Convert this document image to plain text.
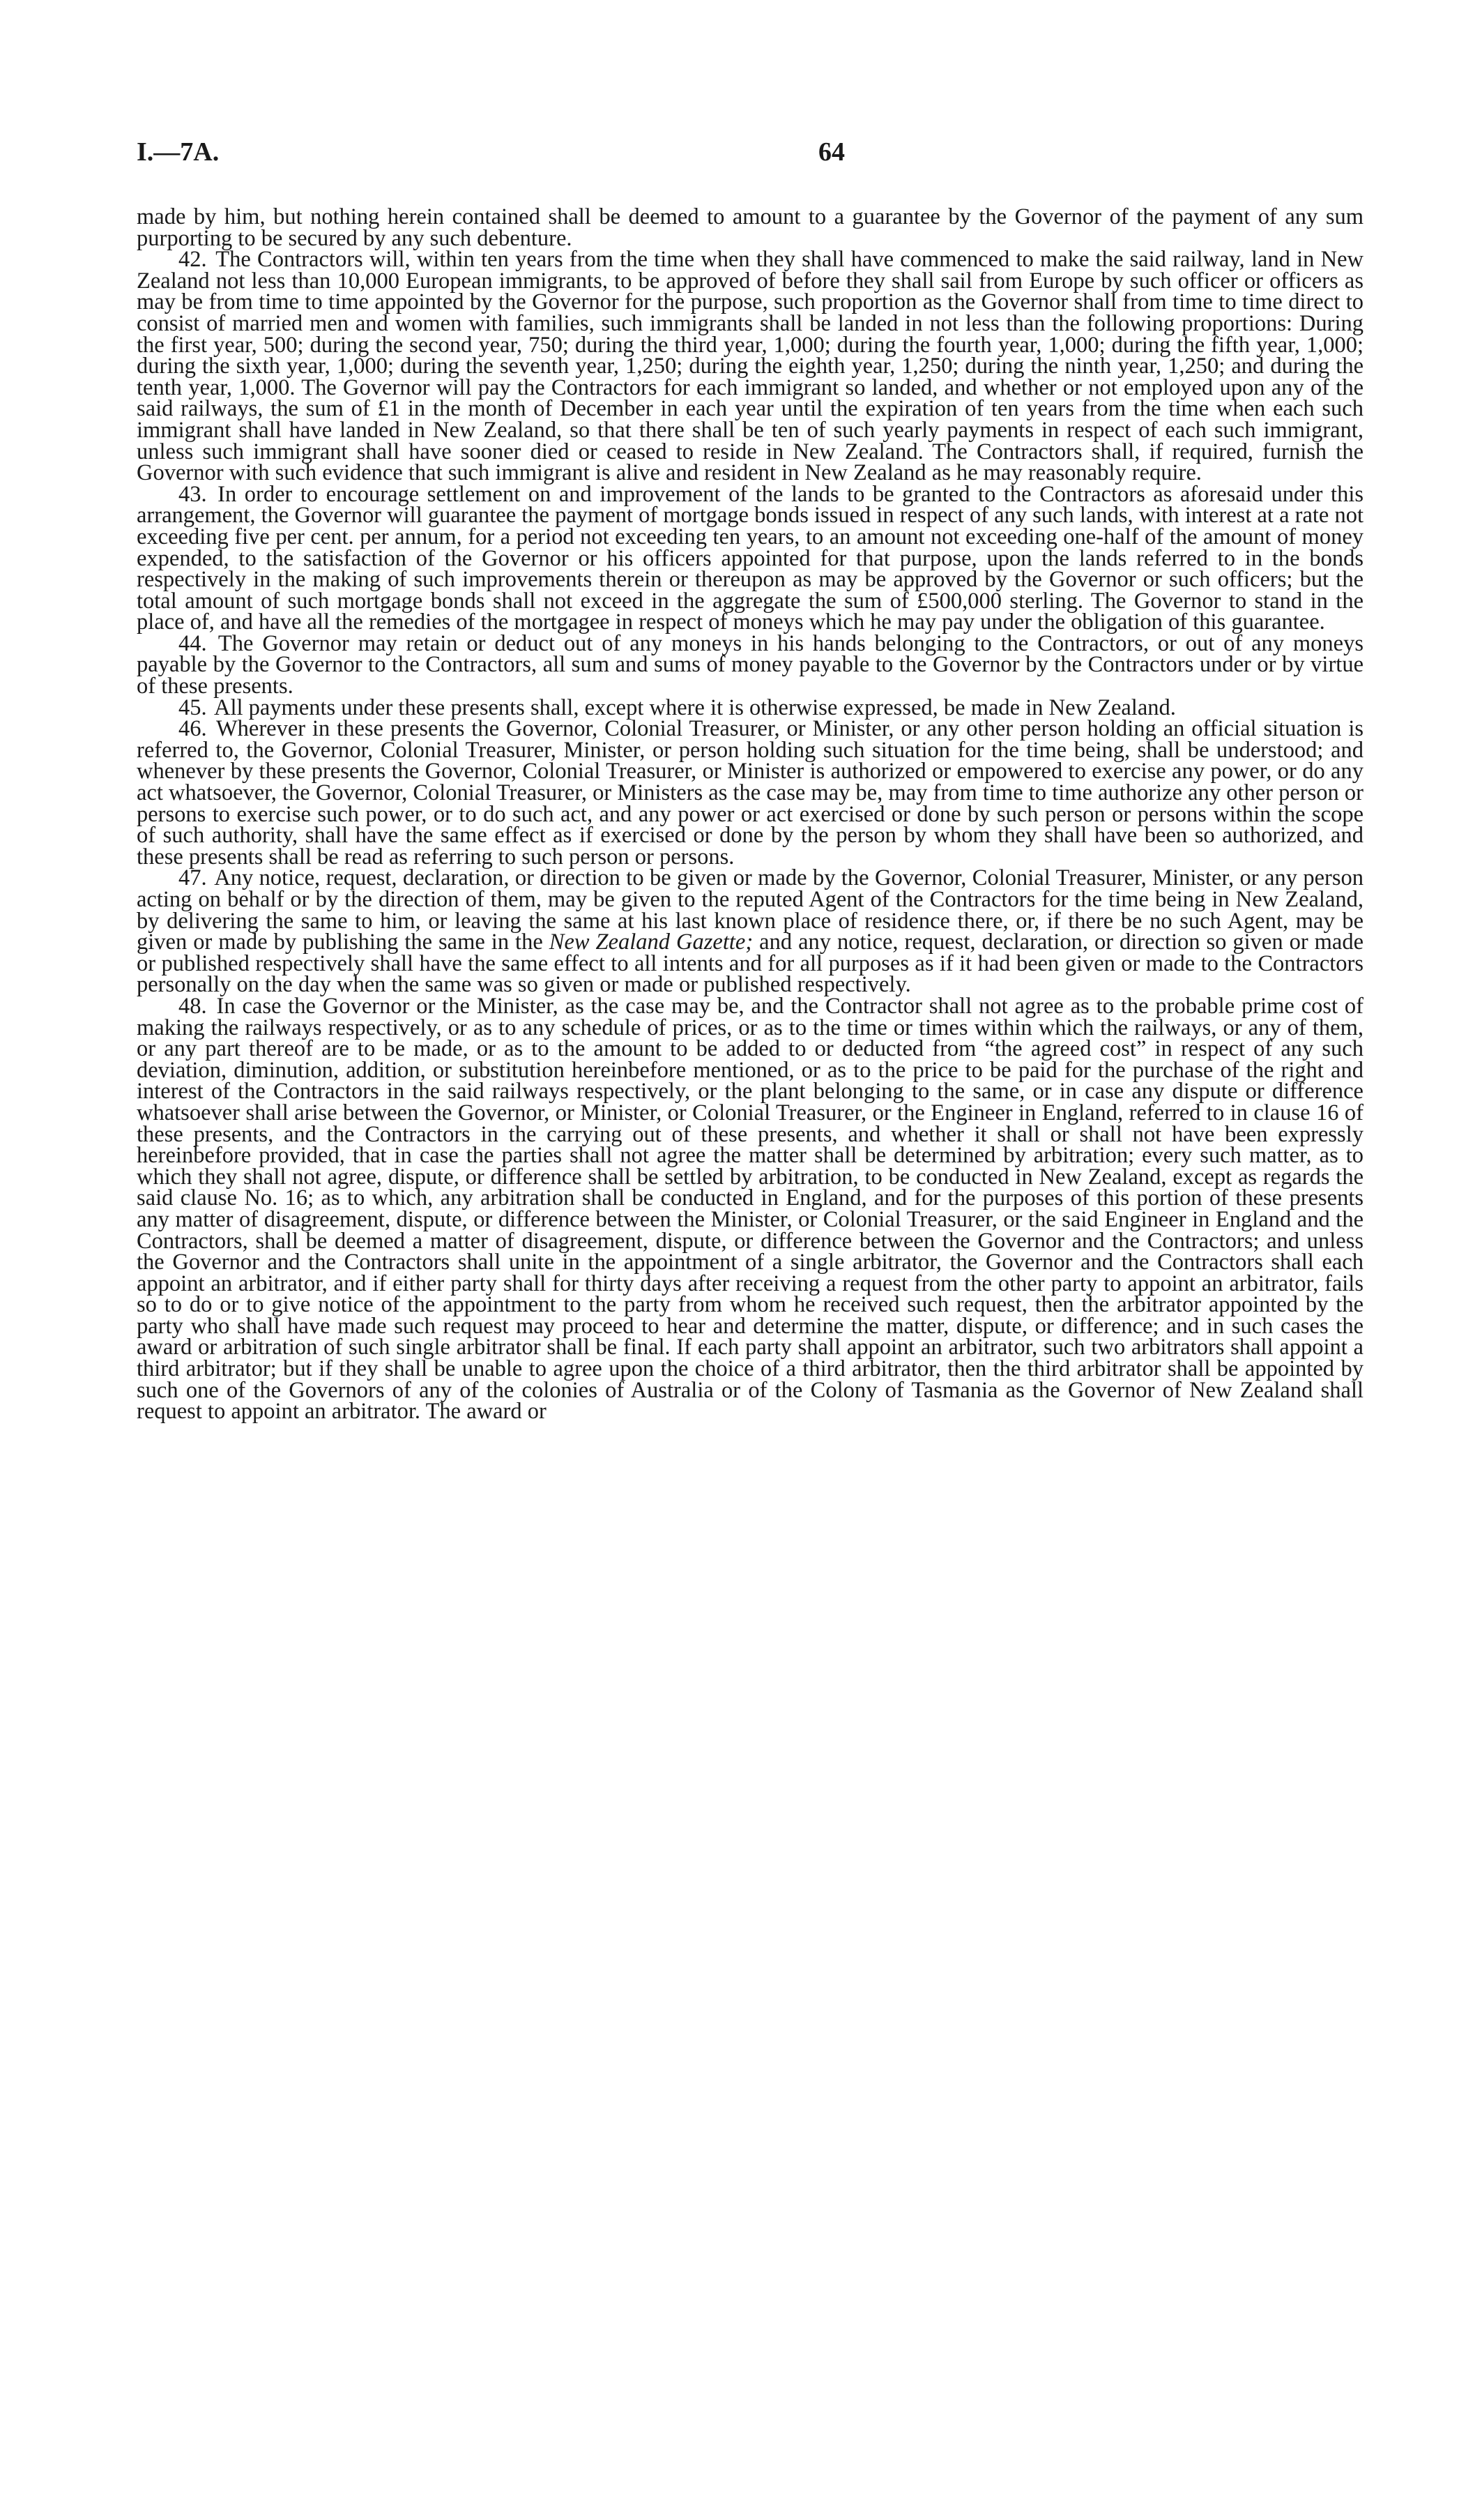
I.—7A.	64

made by him, but nothing herein contained shall be deemed to amount to a guarantee by the Governor of the payment of any sum purporting to be secured by any such debenture.

42. The Contractors will, within ten years from the time when they shall have commenced to make the said railway, land in New Zealand not less than 10,000 European immigrants, to be approved of before they shall sail from Europe by such officer or officers as may be from time to time appointed by the Governor for the purpose, such proportion as the Governor shall from time to time direct to consist of married men and women with families, such immigrants shall be landed in not less than the following proportions: During the first year, 500; during the second year, 750; during the third year, 1,000; during the fourth year, 1,000; during the fifth year, 1,000; during the sixth year, 1,000; during the seventh year, 1,250; during the eighth year, 1,250; during the ninth year, 1,250; and during the tenth year, 1,000. The Governor will pay the Contractors for each immigrant so landed, and whether or not employed upon any of the said railways, the sum of £1 in the month of December in each year until the expiration of ten years from the time when each such immigrant shall have landed in New Zealand, so that there shall be ten of such yearly payments in respect of each such immigrant, unless such immigrant shall have sooner died or ceased to reside in New Zealand. The Contractors shall, if required, furnish the Governor with such evidence that such immigrant is alive and resident in New Zealand as he may reasonably require.

43. In order to encourage settlement on and improvement of the lands to be granted to the Contractors as aforesaid under this arrangement, the Governor will guarantee the payment of mortgage bonds issued in respect of any such lands, with interest at a rate not exceeding five per cent. per annum, for a period not exceeding ten years, to an amount not exceeding one-half of the amount of money expended, to the satisfaction of the Governor or his officers appointed for that purpose, upon the lands referred to in the bonds respectively in the making of such improvements therein or thereupon as may be approved by the Governor or such officers; but the total amount of such mortgage bonds shall not exceed in the aggregate the sum of £500,000 sterling. The Governor to stand in the place of, and have all the remedies of the mortgagee in respect of moneys which he may pay under the obligation of this guarantee.

44. The Governor may retain or deduct out of any moneys in his hands belonging to the Contractors, or out of any moneys payable by the Governor to the Contractors, all sum and sums of money payable to the Governor by the Contractors under or by virtue of these presents.

45. All payments under these presents shall, except where it is otherwise expressed, be made in New Zealand.

46. Wherever in these presents the Governor, Colonial Treasurer, or Minister, or any other person holding an official situation is referred to, the Governor, Colonial Treasurer, Minister, or person holding such situation for the time being, shall be understood; and whenever by these presents the Governor, Colonial Treasurer, or Minister is authorized or empowered to exercise any power, or do any act whatsoever, the Governor, Colonial Treasurer, or Ministers as the case may be, may from time to time authorize any other person or persons to exercise such power, or to do such act, and any power or act exercised or done by such person or persons within the scope of such authority, shall have the same effect as if exercised or done by the person by whom they shall have been so authorized, and these presents shall be read as referring to such person or persons.

47. Any notice, request, declaration, or direction to be given or made by the Governor, Colonial Treasurer, Minister, or any person acting on behalf or by the direction of them, may be given to the reputed Agent of the Contractors for the time being in New Zealand, by delivering the same to him, or leaving the same at his last known place of residence there, or, if there be no such Agent, may be given or made by publishing the same in the New Zealand Gazette; and any notice, request, declaration, or direction so given or made or published respectively shall have the same effect to all intents and for all purposes as if it had been given or made to the Contractors personally on the day when the same was so given or made or published respectively.

48. In case the Governor or the Minister, as the case may be, and the Contractor shall not agree as to the probable prime cost of making the railways respectively, or as to any schedule of prices, or as to the time or times within which the railways, or any of them, or any part thereof are to be made, or as to the amount to be added to or deducted from “the agreed cost” in respect of any such deviation, diminution, addition, or substitution hereinbefore mentioned, or as to the price to be paid for the purchase of the right and interest of the Contractors in the said railways respectively, or the plant belonging to the same, or in case any dispute or difference whatsoever shall arise between the Governor, or Minister, or Colonial Treasurer, or the Engineer in England, referred to in clause 16 of these presents, and the Contractors in the carrying out of these presents, and whether it shall or shall not have been expressly hereinbefore provided, that in case the parties shall not agree the matter shall be determined by arbitration; every such matter, as to which they shall not agree, dispute, or difference shall be settled by arbitration, to be conducted in New Zealand, except as regards the said clause No. 16; as to which, any arbitration shall be conducted in England, and for the purposes of this portion of these presents any matter of disagreement, dispute, or difference between the Minister, or Colonial Treasurer, or the said Engineer in England and the Contractors, shall be deemed a matter of disagreement, dispute, or difference between the Governor and the Contractors; and unless the Governor and the Contractors shall unite in the appointment of a single arbitrator, the Governor and the Contractors shall each appoint an arbitrator, and if either party shall for thirty days after receiving a request from the other party to appoint an arbitrator, fails so to do or to give notice of the appointment to the party from whom he received such request, then the arbitrator appointed by the party who shall have made such request may proceed to hear and determine the matter, dispute, or difference; and in such cases the award or arbitration of such single arbitrator shall be final. If each party shall appoint an arbitrator, such two arbitrators shall appoint a third arbitrator; but if they shall be unable to agree upon the choice of a third arbitrator, then the third arbitrator shall be appointed by such one of the Governors of any of the colonies of Australia or of the Colony of Tasmania as the Governor of New Zealand shall request to appoint an arbitrator. The award or
